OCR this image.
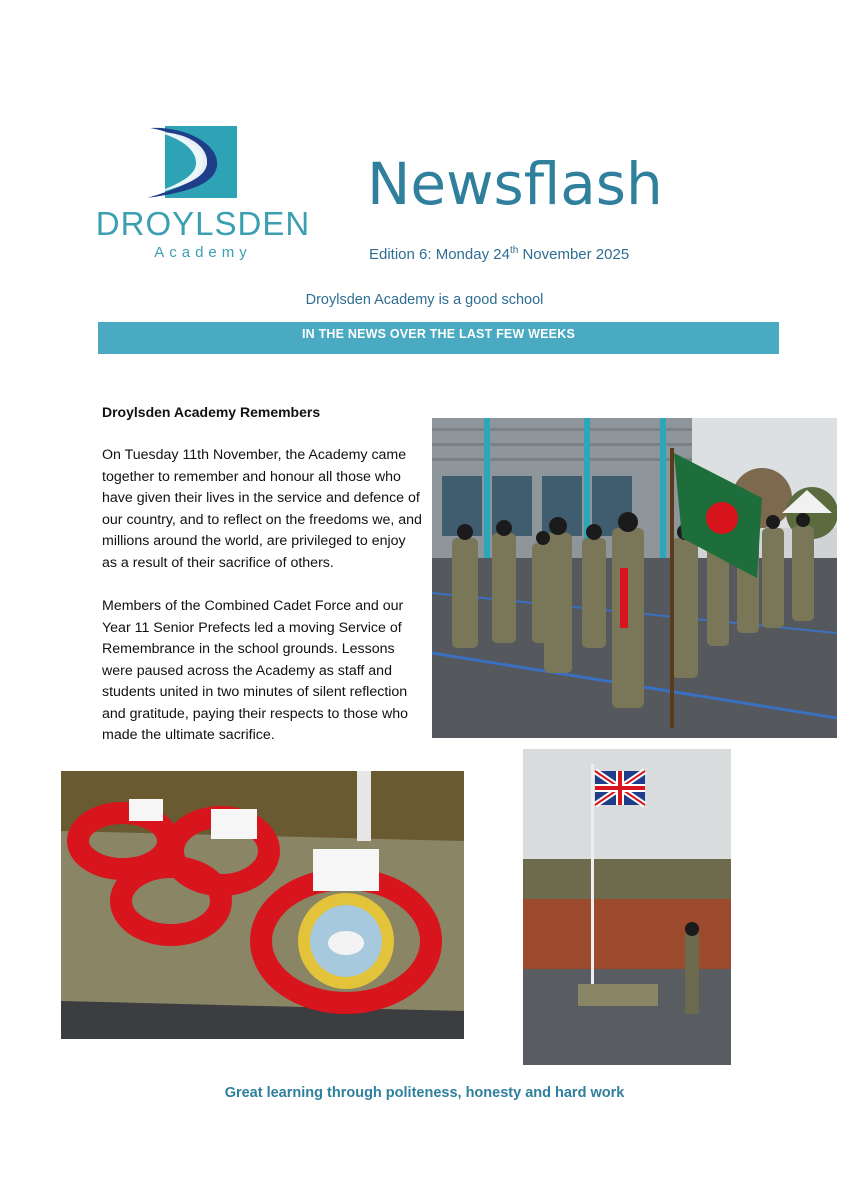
DROYLSDEN
Academy
Newsflash
Edition 6: Monday 24th November 2025
Droylsden Academy is a good school
IN THE NEWS OVER THE LAST FEW WEEKS
Droylsden Academy Remembers
On Tuesday 11th November, the Academy came together to remember and honour all those who have given their lives in the service and defence of our country, and to reflect on the freedoms we, and millions around the world, are privileged to enjoy as a result of their sacrifice of others.
Members of the Combined Cadet Force and our Year 11 Senior Prefects led a moving Service of Remembrance in the school grounds. Lessons were paused across the Academy as staff and students united in two minutes of silent reflection and gratitude, paying their respects to those who made the ultimate sacrifice.
Great learning through politeness, honesty and hard work
